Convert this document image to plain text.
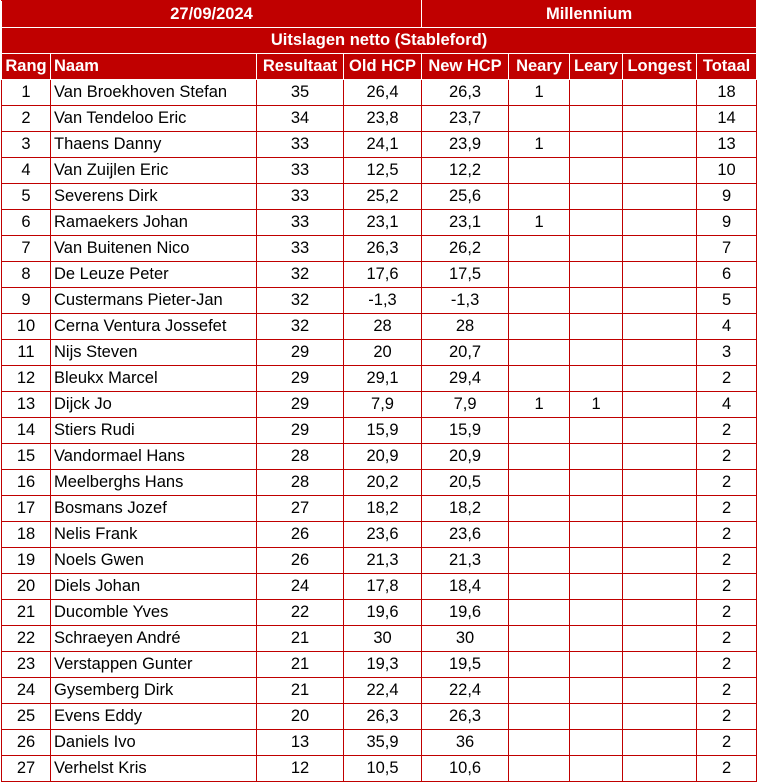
27/09/2024				Millennium				
Uitslagen netto (Stableford)								
Rang	Naam	Resultaat	Old HCP	New HCP	Neary	Leary	Longest	Totaal
1	Van Broekhoven Stefan	35	26,4	26,3	1			18
2	Van Tendeloo Eric	34	23,8	23,7				14
3	Thaens Danny	33	24,1	23,9	1			13
4	Van Zuijlen Eric	33	12,5	12,2				10
5	Severens Dirk	33	25,2	25,6				9
6	Ramaekers Johan	33	23,1	23,1	1			9
7	Van Buitenen Nico	33	26,3	26,2				7
8	De Leuze Peter	32	17,6	17,5				6
9	Custermans Pieter-Jan	32	-1,3	-1,3				5
10	Cerna Ventura Jossefet	32	28	28				4
11	Nijs Steven	29	20	20,7				3
12	Bleukx Marcel	29	29,1	29,4				2
13	Dijck Jo	29	7,9	7,9	1	1		4
14	Stiers Rudi	29	15,9	15,9				2
15	Vandormael Hans	28	20,9	20,9				2
16	Meelberghs Hans	28	20,2	20,5				2
17	Bosmans Jozef	27	18,2	18,2				2
18	Nelis Frank	26	23,6	23,6				2
19	Noels Gwen	26	21,3	21,3				2
20	Diels Johan	24	17,8	18,4				2
21	Ducomble Yves	22	19,6	19,6				2
22	Schraeyen André	21	30	30				2
23	Verstappen Gunter	21	19,3	19,5				2
24	Gysemberg Dirk	21	22,4	22,4				2
25	Evens Eddy	20	26,3	26,3				2
26	Daniels Ivo	13	35,9	36				2
27	Verhelst Kris	12	10,5	10,6				2
